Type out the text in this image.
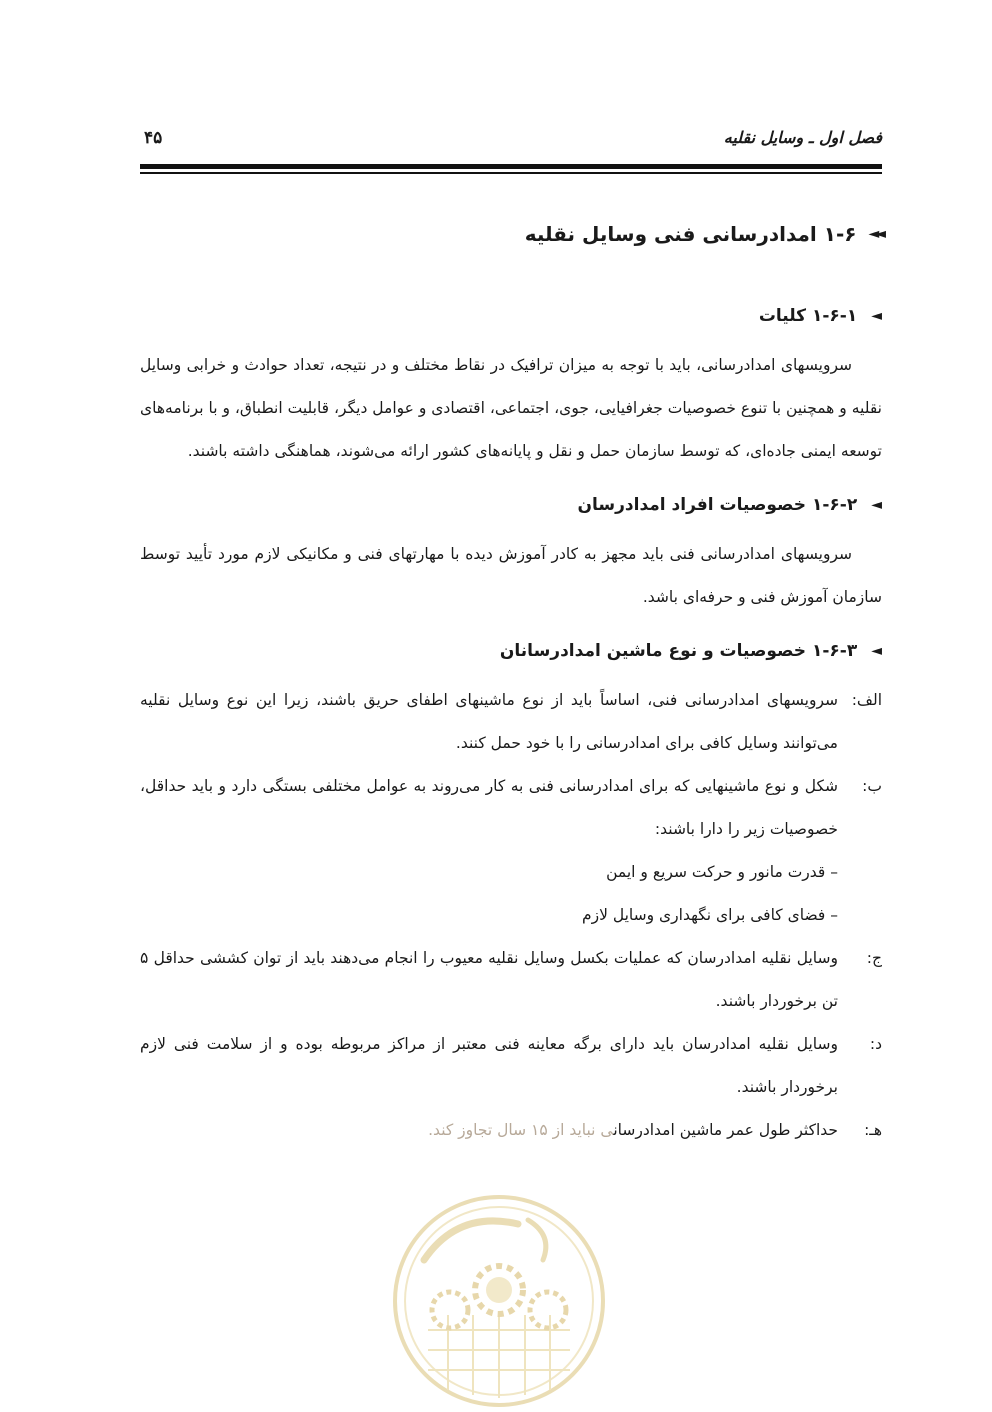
فصل اول ـ وسایل نقلیه
۴۵
◄◄
۱-۶ امدادرسانی فنی وسایل نقلیه
◄
۱-۶-۱ کلیات

سرویسهای امدادرسانی، باید با توجه به میزان ترافیک در نقاط مختلف و در نتیجه، تعداد حوادث و خرابی وسایل نقلیه و همچنین با تنوع خصوصیات جغرافیایی، جوی، اجتماعی، اقتصادی و عوامل دیگر، قابلیت انطباق، و با برنامه‌های توسعه ایمنی جاده‌ای، که توسط سازمان حمل و نقل و پایانه‌های کشور ارائه می‌شوند، هماهنگی داشته باشند.

◄
۱-۶-۲ خصوصیات افراد امدادرسان

سرویسهای امدادرسانی فنی باید مجهز به کادر آموزش دیده با مهارتهای فنی و مکانیکی لازم مورد تأیید توسط سازمان آموزش فنی و حرفه‌ای باشد.

◄
۱-۶-۳ خصوصیات و نوع ماشین امدادرسانان
الف:
سرویسهای امدادرسانی فنی، اساساً باید از نوع ماشینهای اطفای حریق باشند، زیرا این نوع وسایل نقلیه می‌توانند وسایل کافی برای امدادرسانی را با خود حمل کنند.
ب:
شکل و نوع ماشینهایی که برای امدادرسانی فنی به کار می‌روند به عوامل مختلفی بستگی دارد و باید حداقل، خصوصیات زیر را دارا باشند:
– قدرت مانور و حرکت سریع و ایمن
– فضای کافی برای نگهداری وسایل لازم
ج:
وسایل نقلیه امدادرسان که عملیات بکسل وسایل نقلیه معیوب را انجام می‌دهند باید از توان کششی حداقل ۵ تن برخوردار باشند.
د:
وسایل نقلیه امدادرسان باید دارای برگه معاینه فنی معتبر از مراکز مربوطه بوده و از سلامت فنی لازم برخوردار باشند.
هـ:
حداکثر طول عمر ماشین امدادرسانی نباید از ۱۵ سال تجاوز کند.
